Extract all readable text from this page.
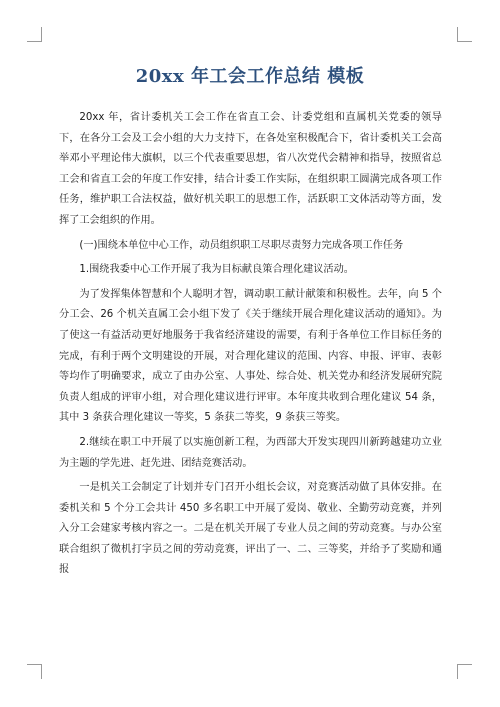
20xx 年工会工作总结 模板

20xx 年，省计委机关工会工作在省直工会、计委党组和直属机关党委的领导下，在各分工会及工会小组的大力支持下，在各处室积极配合下，省计委机关工会高举邓小平理论伟大旗帜，以三个代表重要思想，省八次党代会精神和指导，按照省总工会和省直工会的年度工作安排，结合计委工作实际，在组织职工圆满完成各项工作任务，维护职工合法权益，做好机关职工的思想工作，活跃职工文体活动等方面，发挥了工会组织的作用。

(一)围绕本单位中心工作，动员组织职工尽职尽责努力完成各项工作任务

1.围绕我委中心工作开展了我为目标献良策合理化建议活动。

为了发挥集体智慧和个人聪明才智，调动职工献计献策和积极性。去年，向 5 个分工会、26 个机关直属工会小组下发了《关于继续开展合理化建议活动的通知》。为了使这一有益活动更好地服务于我省经济建设的需要，有利于各单位工作目标任务的完成，有利于两个文明建设的开展，对合理化建议的范围、内容、申报、评审、表彰等均作了明确要求，成立了由办公室、人事处、综合处、机关党办和经济发展研究院负责人组成的评审小组，对合理化建议进行评审。本年度共收到合理化建议 54 条，其中 3 条获合理化建议一等奖，5 条获二等奖，9 条获三等奖。

2.继续在职工中开展了以实施创新工程，为西部大开发实现四川新跨越建功立业为主题的学先进、赶先进、团结竞赛活动。

一是机关工会制定了计划并专门召开小组长会议，对竞赛活动做了具体安排。在委机关和 5 个分工会共计 450 多名职工中开展了爱岗、敬业、全勤劳动竞赛，并列入分工会建家考核内容之一。二是在机关开展了专业人员之间的劳动竞赛。与办公室联合组织了微机打字员之间的劳动竞赛，评出了一、二、三等奖，并给予了奖励和通报
